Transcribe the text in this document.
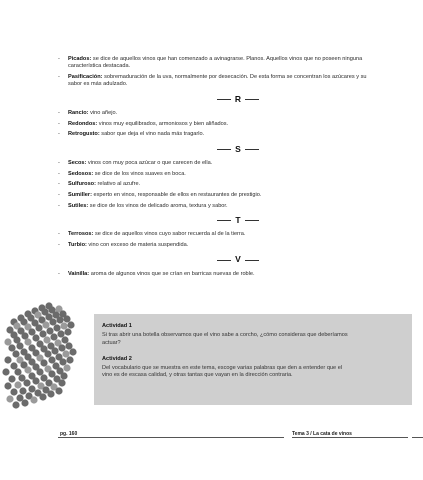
- Picados: se dice de aquellos vinos que han comenzado a avinagrarse. Planos. Aquellos vinos que no poseen ninguna característica destacada.
- Pasificación: sobremaduración de la uva, normalmente por desecación. De esta forma se concentran los azúcares y su sabor es más adulzado.
R
- Rancio: vino añejo.
- Redondos: vinos muy equilibrados, armoniosos y bien aliñados.
- Retrogusto: sabor que deja el vino nada más tragarlo.
S
- Secos: vinos con muy poca azúcar o que carecen de ella.
- Sedosos: se dice de los vinos suaves en boca.
- Sulfuroso: relativo al azufre.
- Sumiller: experto en vinos, responsable de ellos en restaurantes de prestigio.
- Sutiles: se dice de los vinos de delicado aroma, textura y sabor.
T
- Terrosos: se dice de aquellos vinos cuyo sabor recuerda al de la tierra.
- Turbio: vino con exceso de materia suspendida.
V
- Vainilla: aroma de algunos vinos que se crían en barricas nuevas de roble.
Actividad 1
Si tras abrir una botella observamos que el vino sabe a corcho, ¿cómo consideras que deberíamos actuar?
Actividad 2
Del vocabulario que se muestra en este tema, escoge varias palabras que den a entender que el vino es de escasa calidad, y otras tantas que vayan en la dirección contraria.
pg. 160	Tema 3 / La cata de vinos
